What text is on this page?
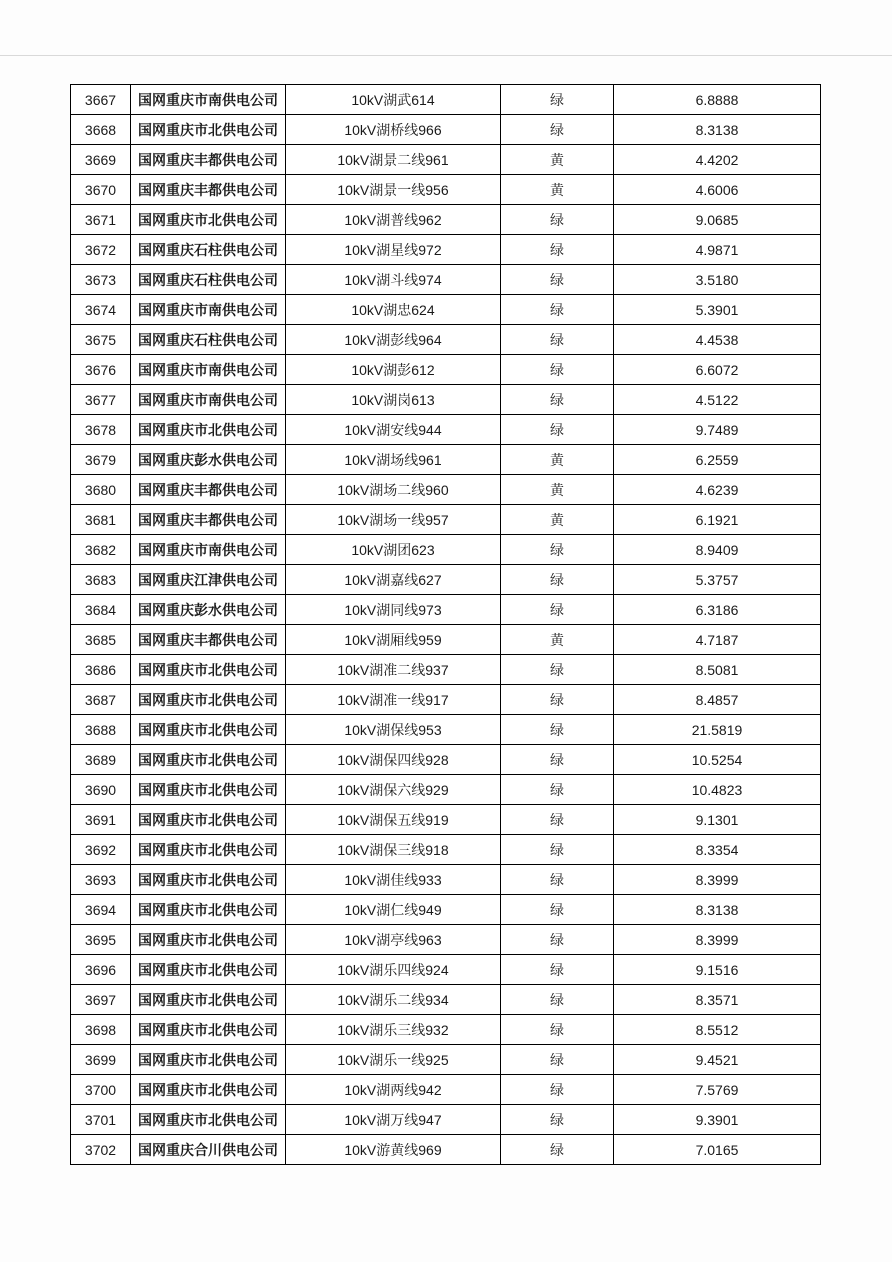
3667	国网重庆市南供电公司	10kV湖武614	绿	6.8888
3668	国网重庆市北供电公司	10kV湖桥线966	绿	8.3138
3669	国网重庆丰都供电公司	10kV湖景二线961	黄	4.4202
3670	国网重庆丰都供电公司	10kV湖景一线956	黄	4.6006
3671	国网重庆市北供电公司	10kV湖普线962	绿	9.0685
3672	国网重庆石柱供电公司	10kV湖星线972	绿	4.9871
3673	国网重庆石柱供电公司	10kV湖斗线974	绿	3.5180
3674	国网重庆市南供电公司	10kV湖忠624	绿	5.3901
3675	国网重庆石柱供电公司	10kV湖彭线964	绿	4.4538
3676	国网重庆市南供电公司	10kV湖彭612	绿	6.6072
3677	国网重庆市南供电公司	10kV湖岗613	绿	4.5122
3678	国网重庆市北供电公司	10kV湖安线944	绿	9.7489
3679	国网重庆彭水供电公司	10kV湖场线961	黄	6.2559
3680	国网重庆丰都供电公司	10kV湖场二线960	黄	4.6239
3681	国网重庆丰都供电公司	10kV湖场一线957	黄	6.1921
3682	国网重庆市南供电公司	10kV湖团623	绿	8.9409
3683	国网重庆江津供电公司	10kV湖嘉线627	绿	5.3757
3684	国网重庆彭水供电公司	10kV湖同线973	绿	6.3186
3685	国网重庆丰都供电公司	10kV湖厢线959	黄	4.7187
3686	国网重庆市北供电公司	10kV湖准二线937	绿	8.5081
3687	国网重庆市北供电公司	10kV湖准一线917	绿	8.4857
3688	国网重庆市北供电公司	10kV湖保线953	绿	21.5819
3689	国网重庆市北供电公司	10kV湖保四线928	绿	10.5254
3690	国网重庆市北供电公司	10kV湖保六线929	绿	10.4823
3691	国网重庆市北供电公司	10kV湖保五线919	绿	9.1301
3692	国网重庆市北供电公司	10kV湖保三线918	绿	8.3354
3693	国网重庆市北供电公司	10kV湖佳线933	绿	8.3999
3694	国网重庆市北供电公司	10kV湖仁线949	绿	8.3138
3695	国网重庆市北供电公司	10kV湖亭线963	绿	8.3999
3696	国网重庆市北供电公司	10kV湖乐四线924	绿	9.1516
3697	国网重庆市北供电公司	10kV湖乐二线934	绿	8.3571
3698	国网重庆市北供电公司	10kV湖乐三线932	绿	8.5512
3699	国网重庆市北供电公司	10kV湖乐一线925	绿	9.4521
3700	国网重庆市北供电公司	10kV湖两线942	绿	7.5769
3701	国网重庆市北供电公司	10kV湖万线947	绿	9.3901
3702	国网重庆合川供电公司	10kV游黄线969	绿	7.0165
